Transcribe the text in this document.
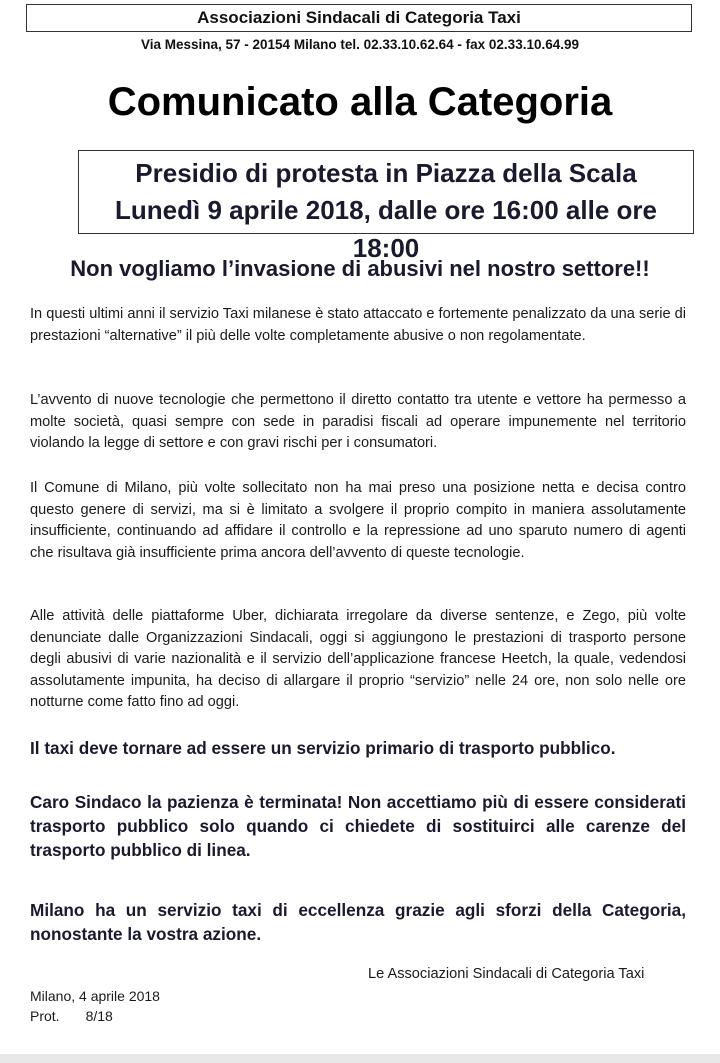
Associazioni Sindacali di Categoria Taxi
Via Messina, 57 - 20154 Milano tel. 02.33.10.62.64 - fax 02.33.10.64.99
Comunicato alla Categoria
Presidio di protesta in Piazza della Scala
Lunedì 9 aprile 2018, dalle ore 16:00 alle ore 18:00
Non vogliamo l’invasione di abusivi nel nostro settore!!
In questi ultimi anni il servizio Taxi milanese è stato attaccato e fortemente penalizzato da una serie di prestazioni “alternative” il più delle volte completamente abusive o non regolamentate.
L’avvento di nuove tecnologie che permettono il diretto contatto tra utente e vettore ha permesso a molte società, quasi sempre con sede in paradisi fiscali ad operare impunemente nel territorio violando la legge di settore e con gravi rischi per i consumatori.
Il Comune di Milano, più volte sollecitato non ha mai preso una posizione netta e decisa contro questo genere di servizi, ma si è limitato a svolgere il proprio compito in maniera assolutamente insufficiente, continuando ad affidare il controllo e la repressione ad uno sparuto numero di agenti che risultava già insufficiente prima ancora dell’avvento di queste tecnologie.
Alle attività delle piattaforme Uber, dichiarata irregolare da diverse sentenze, e Zego, più volte denunciate dalle Organizzazioni Sindacali, oggi si aggiungono le prestazioni di trasporto persone degli abusivi di varie nazionalità e il servizio dell’applicazione francese Heetch, la quale, vedendosi assolutamente impunita, ha deciso di allargare il proprio “servizio” nelle 24 ore, non solo nelle ore notturne come fatto fino ad oggi.
Il taxi deve tornare ad essere un servizio primario di trasporto pubblico.
Caro Sindaco la pazienza è terminata! Non accettiamo più di essere considerati trasporto pubblico solo quando ci chiedete di sostituirci alle carenze del trasporto pubblico di linea.
Milano ha un servizio taxi di eccellenza grazie agli sforzi della Categoria, nonostante la vostra azione.
Le Associazioni Sindacali di Categoria Taxi
Milano, 4 aprile 2018
Prot. 8/18
